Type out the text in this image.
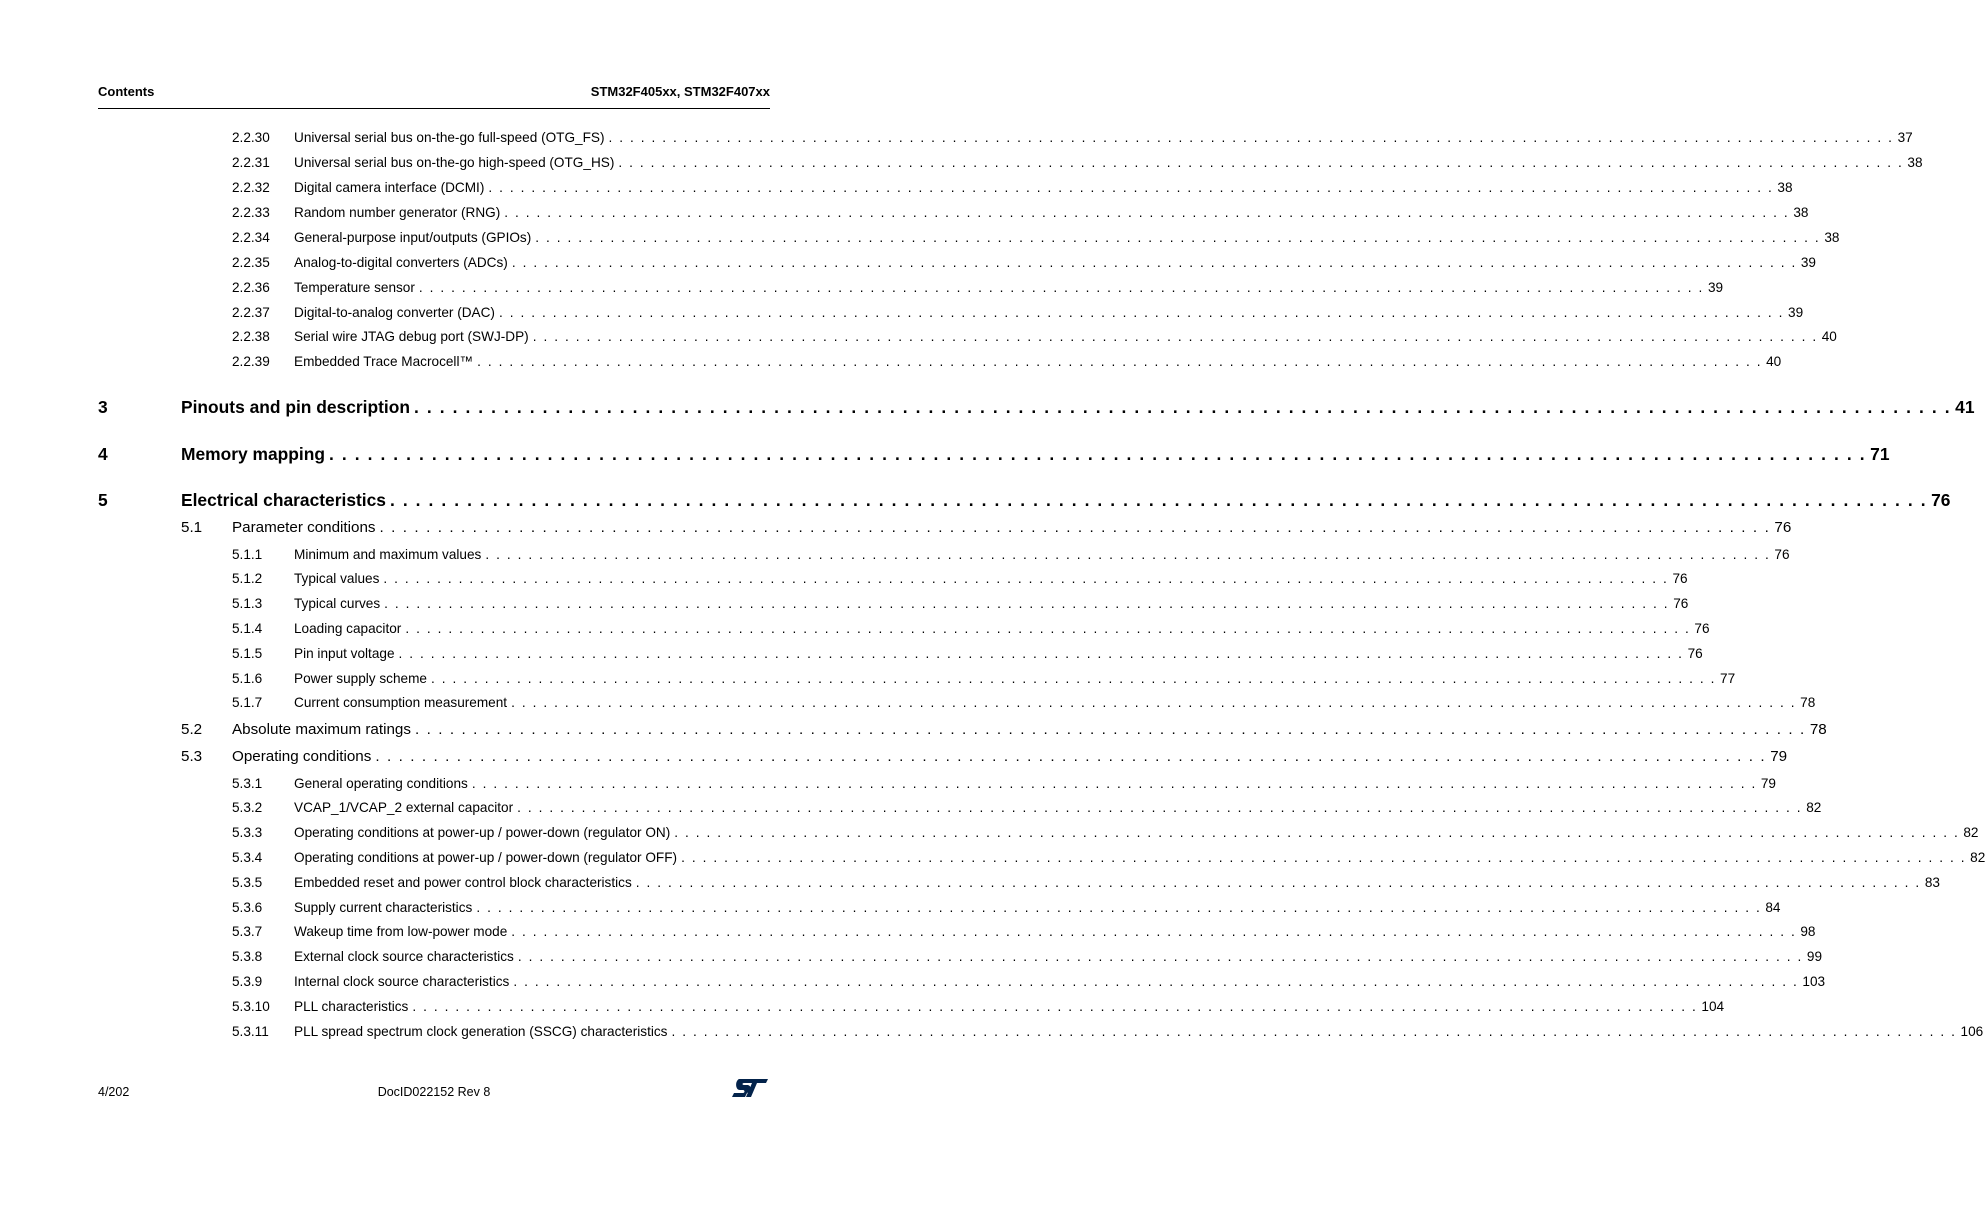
Contents	STM32F405xx, STM32F407xx
2.2.30 Universal serial bus on-the-go full-speed (OTG_FS) . . . . . . . . . . . . . . . . . . . . . . . . . . . . . . . . . . . . . . . . . . . . . . . . . . . . . . . . . . . . . . . . . . . . . . . . . . . . . . . . . . . . . . . . . . . . . . . . . . . . . . . . . . . . . . . . . . . . . . . . 37
2.2.31 Universal serial bus on-the-go high-speed (OTG_HS) . . . . . . . . . . . . . . . . . . . . . . . . . . . . . . . . . . . . . . . . . . . . . . . . . . . . . . . . . . . . . . . . . . . . . . . . . . . . . . . . . . . . . . . . . . . . . . . . . . . . . . . . . . . . . . . . . . . . . . . . 38
2.2.32 Digital camera interface (DCMI) . . . . . . . . . . . . . . . . . . . . . . . . . . . . . . . . . . . . . . . . . . . . . . . . . . . . . . . . . . . . . . . . . . . . . . . . . . . . . . . . . . . . . . . . . . . . . . . . . . . . . . . . . . . . . . . . . . . . . . . . 38
2.2.33 Random number generator (RNG) . . . . . . . . . . . . . . . . . . . . . . . . . . . . . . . . . . . . . . . . . . . . . . . . . . . . . . . . . . . . . . . . . . . . . . . . . . . . . . . . . . . . . . . . . . . . . . . . . . . . . . . . . . . . . . . . . . . . . . . . 38
2.2.34 General-purpose input/outputs (GPIOs) . . . . . . . . . . . . . . . . . . . . . . . . . . . . . . . . . . . . . . . . . . . . . . . . . . . . . . . . . . . . . . . . . . . . . . . . . . . . . . . . . . . . . . . . . . . . . . . . . . . . . . . . . . . . . . . . . . . . . . . . 38
2.2.35 Analog-to-digital converters (ADCs) . . . . . . . . . . . . . . . . . . . . . . . . . . . . . . . . . . . . . . . . . . . . . . . . . . . . . . . . . . . . . . . . . . . . . . . . . . . . . . . . . . . . . . . . . . . . . . . . . . . . . . . . . . . . . . . . . . . . . . . . 39
2.2.36 Temperature sensor . . . . . . . . . . . . . . . . . . . . . . . . . . . . . . . . . . . . . . . . . . . . . . . . . . . . . . . . . . . . . . . . . . . . . . . . . . . . . . . . . . . . . . . . . . . . . . . . . . . . . . . . . . . . . . . . . . . . . . . . 39
2.2.37 Digital-to-analog converter (DAC) . . . . . . . . . . . . . . . . . . . . . . . . . . . . . . . . . . . . . . . . . . . . . . . . . . . . . . . . . . . . . . . . . . . . . . . . . . . . . . . . . . . . . . . . . . . . . . . . . . . . . . . . . . . . . . . . . . . . . . . . 39
2.2.38 Serial wire JTAG debug port (SWJ-DP) . . . . . . . . . . . . . . . . . . . . . . . . . . . . . . . . . . . . . . . . . . . . . . . . . . . . . . . . . . . . . . . . . . . . . . . . . . . . . . . . . . . . . . . . . . . . . . . . . . . . . . . . . . . . . . . . . . . . . . . . 40
2.2.39 Embedded Trace Macrocell™ . . . . . . . . . . . . . . . . . . . . . . . . . . . . . . . . . . . . . . . . . . . . . . . . . . . . . . . . . . . . . . . . . . . . . . . . . . . . . . . . . . . . . . . . . . . . . . . . . . . . . . . . . . . . . . . . . . . . . . . . 40
3	Pinouts and pin description . . . . . . . . . . . . . . . . . . . . . . . . . . . . . . . . . . . . . . . . . . . . . . . . . . . . . . . . . . . . . . . . . . . . . . . . . . . . . . . . . . . . . . . . . . . . . . . . . . . . . . . . . . . . . . . . . . . . . . . . 41
4	Memory mapping . . . . . . . . . . . . . . . . . . . . . . . . . . . . . . . . . . . . . . . . . . . . . . . . . . . . . . . . . . . . . . . . . . . . . . . . . . . . . . . . . . . . . . . . . . . . . . . . . . . . . . . . . . . . . . . . . . . . . . . . 71
5	Electrical characteristics . . . . . . . . . . . . . . . . . . . . . . . . . . . . . . . . . . . . . . . . . . . . . . . . . . . . . . . . . . . . . . . . . . . . . . . . . . . . . . . . . . . . . . . . . . . . . . . . . . . . . . . . . . . . . . . . . . . . . . . . 76
5.1 Parameter conditions . . . . . . . . . . . . . . . . . . . . . . . . . . . . . . . . . . . . . . . . . . . . . . . . . . . . . . . . . . . . . . . . . . . . . . . . . . . . . . . . . . . . . . . . . . . . . . . . . . . . . . . . . . . . . . . . . . . . . . . . 76
5.1.1 Minimum and maximum values . . . . . . . . . . . . . . . . . . . . . . . . . . . . . . . . . . . . . . . . . . . . . . . . . . . . . . . . . . . . . . . . . . . . . . . . . . . . . . . . . . . . . . . . . . . . . . . . . . . . . . . . . . . . . . . . . . . . . . . . 76
5.1.2 Typical values . . . . . . . . . . . . . . . . . . . . . . . . . . . . . . . . . . . . . . . . . . . . . . . . . . . . . . . . . . . . . . . . . . . . . . . . . . . . . . . . . . . . . . . . . . . . . . . . . . . . . . . . . . . . . . . . . . . . . . . . 76
5.1.3 Typical curves . . . . . . . . . . . . . . . . . . . . . . . . . . . . . . . . . . . . . . . . . . . . . . . . . . . . . . . . . . . . . . . . . . . . . . . . . . . . . . . . . . . . . . . . . . . . . . . . . . . . . . . . . . . . . . . . . . . . . . . . 76
5.1.4 Loading capacitor . . . . . . . . . . . . . . . . . . . . . . . . . . . . . . . . . . . . . . . . . . . . . . . . . . . . . . . . . . . . . . . . . . . . . . . . . . . . . . . . . . . . . . . . . . . . . . . . . . . . . . . . . . . . . . . . . . . . . . . . 76
5.1.5 Pin input voltage . . . . . . . . . . . . . . . . . . . . . . . . . . . . . . . . . . . . . . . . . . . . . . . . . . . . . . . . . . . . . . . . . . . . . . . . . . . . . . . . . . . . . . . . . . . . . . . . . . . . . . . . . . . . . . . . . . . . . . . . 76
5.1.6 Power supply scheme . . . . . . . . . . . . . . . . . . . . . . . . . . . . . . . . . . . . . . . . . . . . . . . . . . . . . . . . . . . . . . . . . . . . . . . . . . . . . . . . . . . . . . . . . . . . . . . . . . . . . . . . . . . . . . . . . . . . . . . . 77
5.1.7 Current consumption measurement . . . . . . . . . . . . . . . . . . . . . . . . . . . . . . . . . . . . . . . . . . . . . . . . . . . . . . . . . . . . . . . . . . . . . . . . . . . . . . . . . . . . . . . . . . . . . . . . . . . . . . . . . . . . . . . . . . . . . . . . 78
5.2 Absolute maximum ratings . . . . . . . . . . . . . . . . . . . . . . . . . . . . . . . . . . . . . . . . . . . . . . . . . . . . . . . . . . . . . . . . . . . . . . . . . . . . . . . . . . . . . . . . . . . . . . . . . . . . . . . . . . . . . . . . . . . . . . . . 78
5.3 Operating conditions . . . . . . . . . . . . . . . . . . . . . . . . . . . . . . . . . . . . . . . . . . . . . . . . . . . . . . . . . . . . . . . . . . . . . . . . . . . . . . . . . . . . . . . . . . . . . . . . . . . . . . . . . . . . . . . . . . . . . . . . 79
5.3.1 General operating conditions . . . . . . . . . . . . . . . . . . . . . . . . . . . . . . . . . . . . . . . . . . . . . . . . . . . . . . . . . . . . . . . . . . . . . . . . . . . . . . . . . . . . . . . . . . . . . . . . . . . . . . . . . . . . . . . . . . . . . . . . 79
5.3.2 VCAP_1/VCAP_2 external capacitor . . . . . . . . . . . . . . . . . . . . . . . . . . . . . . . . . . . . . . . . . . . . . . . . . . . . . . . . . . . . . . . . . . . . . . . . . . . . . . . . . . . . . . . . . . . . . . . . . . . . . . . . . . . . . . . . . . . . . . . . 82
5.3.3 Operating conditions at power-up / power-down (regulator ON) . . . . . . . . . . . . . . . . . . . . . . . . . . . . . . . . . . . . . . . . . . . . . . . . . . . . . . . . . . . . . . . . . . . . . . . . . . . . . . . . . . . . . . . . . . . . . . . . . . . . . . . . . . . . . . . . . . . . . . . . 82
5.3.4 Operating conditions at power-up / power-down (regulator OFF) . . . . . . . . . . . . . . . . . . . . . . . . . . . . . . . . . . . . . . . . . . . . . . . . . . . . . . . . . . . . . . . . . . . . . . . . . . . . . . . . . . . . . . . . . . . . . . . . . . . . . . . . . . . . . . . . . . . . . . . . 82
5.3.5 Embedded reset and power control block characteristics . . . . . . . . . . . . . . . . . . . . . . . . . . . . . . . . . . . . . . . . . . . . . . . . . . . . . . . . . . . . . . . . . . . . . . . . . . . . . . . . . . . . . . . . . . . . . . . . . . . . . . . . . . . . . . . . . . . . . . . . 83
5.3.6 Supply current characteristics . . . . . . . . . . . . . . . . . . . . . . . . . . . . . . . . . . . . . . . . . . . . . . . . . . . . . . . . . . . . . . . . . . . . . . . . . . . . . . . . . . . . . . . . . . . . . . . . . . . . . . . . . . . . . . . . . . . . . . . . 84
5.3.7 Wakeup time from low-power mode . . . . . . . . . . . . . . . . . . . . . . . . . . . . . . . . . . . . . . . . . . . . . . . . . . . . . . . . . . . . . . . . . . . . . . . . . . . . . . . . . . . . . . . . . . . . . . . . . . . . . . . . . . . . . . . . . . . . . . . . 98
5.3.8 External clock source characteristics . . . . . . . . . . . . . . . . . . . . . . . . . . . . . . . . . . . . . . . . . . . . . . . . . . . . . . . . . . . . . . . . . . . . . . . . . . . . . . . . . . . . . . . . . . . . . . . . . . . . . . . . . . . . . . . . . . . . . . . . 99
5.3.9 Internal clock source characteristics . . . . . . . . . . . . . . . . . . . . . . . . . . . . . . . . . . . . . . . . . . . . . . . . . . . . . . . . . . . . . . . . . . . . . . . . . . . . . . . . . . . . . . . . . . . . . . . . . . . . . . . . . . . . . . . . . . . . . . . . 103
5.3.10 PLL characteristics . . . . . . . . . . . . . . . . . . . . . . . . . . . . . . . . . . . . . . . . . . . . . . . . . . . . . . . . . . . . . . . . . . . . . . . . . . . . . . . . . . . . . . . . . . . . . . . . . . . . . . . . . . . . . . . . . . . . . . . . 104
5.3.11 PLL spread spectrum clock generation (SSCG) characteristics . . . . . . . . . . . . . . . . . . . . . . . . . . . . . . . . . . . . . . . . . . . . . . . . . . . . . . . . . . . . . . . . . . . . . . . . . . . . . . . . . . . . . . . . . . . . . . . . . . . . . . . . . . . . . . . . . . . . . . . . 106
4/202	DocID022152 Rev 8
